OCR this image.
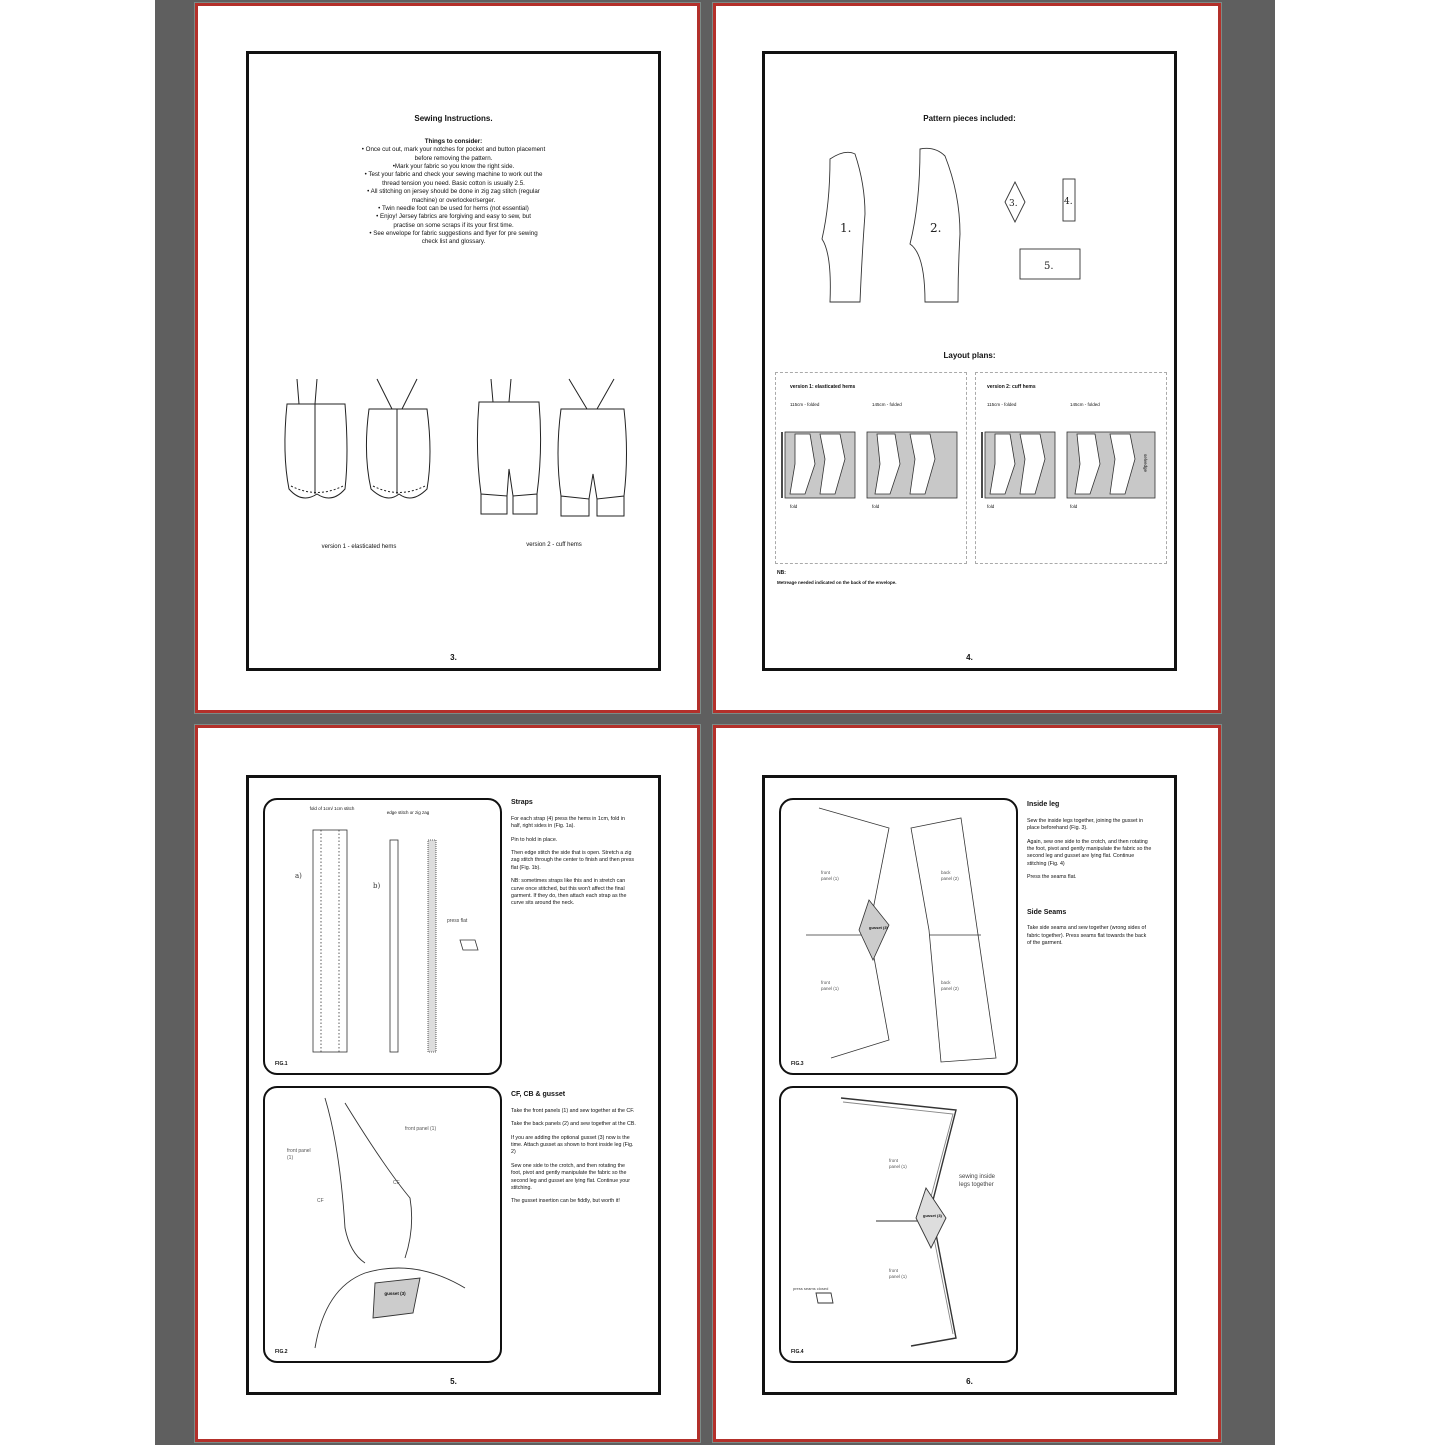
Sewing Instructions.
Things to consider:
• Once cut out, mark your notches for pocket and button placement
before removing the pattern.
•Mark your fabric so you know the right side.
• Test your fabric and check your sewing machine to work out the
thread tension you need. Basic cotton is usually 2.5.
• All stitching on jersey should be done in zig zag stitch (regular
machine) or overlocker/serger.
• Twin needle foot can be used for hems (not essential)
• Enjoy! Jersey fabrics are forgiving and easy to sew, but
practise on some scraps if its your first time.
• See envelope for fabric suggestions and flyer for pre sewing
check list and glossary.
version 1 - elasticated hems	version 2 - cuff hems
3.
Pattern pieces included:
1.	2.
3.	4.
5.
Layout plans:
version 1: elasticated hems	version 2: cuff hems
115cm - folded	145cm - folded	115cm - folded	145cm - folded
fold	fold	fold	fold
selvedge
NB:
Metreage needed indicated on the back of the envelope.
4.
fold of 1cm/ 1cm stitch
edge stitch or zig zag
a)
b)
press flat
FIG.1
Straps

For each strap (4) press the hems in 1cm, fold in half, right sides in (Fig. 1a).

Pin to hold in place.

Then edge stitch the side that is open. Stretch a zig zag stitch through the center to finish and then press flat (Fig. 1b).

NB: sometimes straps like this and in stretch can curve once stitched, but this won't affect the final garment. If they do, then attach each strap as the curve sits around the neck.

front panel (1)
front panel (1)
CF
CF
gusset (3)
FIG.2
CF, CB & gusset

Take the front panels (1) and sew together at the CF.

Take the back panels (2) and sew together at the CB.

If you are adding the optional gusset (3) now is the time. Attach gusset as shown to front inside leg (Fig. 2)

Sew one side to the crotch, and then rotating the foot, pivot and gently manipulate the fabric so the second leg and gusset are lying flat. Continue your stitching.

The gusset insertion can be fiddly, but worth it!

5.
front panel (1)
back panel (2)
front panel (1)
back panel (2)
gusset (3)
FIG.3
Inside leg

Sew the inside legs together, joining the gusset in place beforehand (Fig. 3).

Again, sew one side to the crotch, and then rotating the foot, pivot and gently manipulate the fabric so the second leg and gusset are lying flat. Continue stitching (Fig. 4)

Press the seams flat.

Side Seams

Take side seams and sew together (wrong sides of fabric together). Press seams flat towards the back of the garment.

front panel (1)
front panel (1)
gusset (3)
sewing inside legs together
press seams closed
FIG.4
6.
